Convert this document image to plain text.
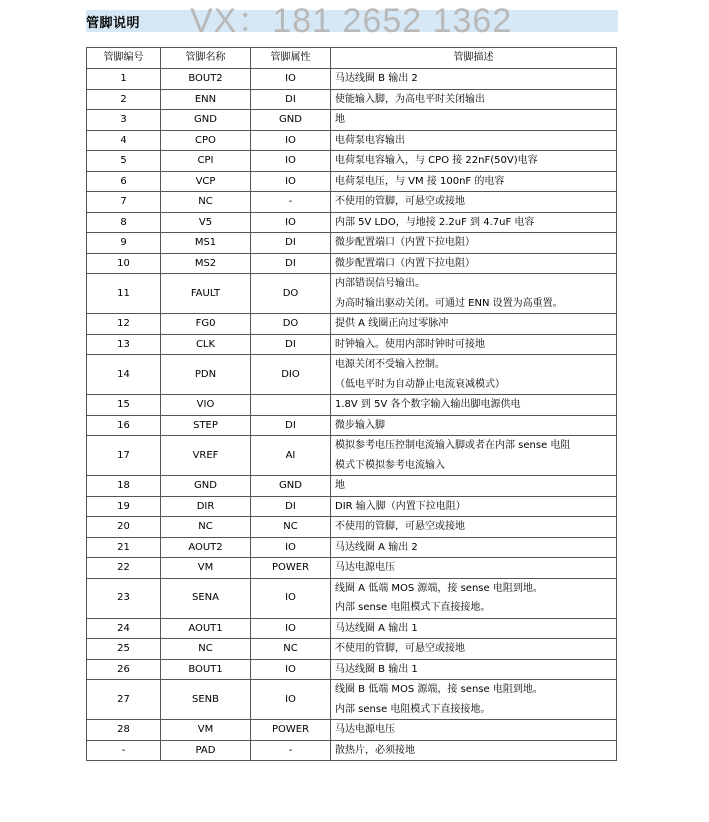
管脚说明 VX：181 2652 1362
管脚编号	管脚名称	管脚属性	管脚描述
1	BOUT2	IO	马达线圈 B 输出 2

2	ENN	DI	使能输入脚，为高电平时关闭输出

3	GND	GND	地

4	CPO	IO	电荷泵电容输出

5	CPI	IO	电荷泵电容输入，与 CPO 接 22nF(50V)电容

6	VCP	IO	电荷泵电压，与 VM 接 100nF 的电容

7	NC	-	不使用的管脚，可悬空或接地

8	V5	IO	内部 5V LDO，与地接 2.2uF 到 4.7uF 电容

9	MS1	DI	微步配置端口（内置下拉电阻）

10	MS2	DI	微步配置端口（内置下拉电阻）

11	FAULT	DO	内部错误信号输出。
为高时输出驱动关闭。可通过 ENN 设置为高重置。

12	FG0	DO	提供 A 线圈正向过零脉冲

13	CLK	DI	时钟输入。使用内部时钟时可接地

14	PDN	DIO	电源关闭不受输入控制。
（低电平时为自动静止电流衰减模式）

15	VIO		1.8V 到 5V 各个数字输入输出脚电源供电

16	STEP	DI	微步输入脚

17	VREF	AI	模拟参考电压控制电流输入脚或者在内部 sense 电阻
模式下模拟参考电流输入

18	GND	GND	地

19	DIR	DI	DIR 输入脚（内置下拉电阻）

20	NC	NC	不使用的管脚，可悬空或接地

21	AOUT2	IO	马达线圈 A 输出 2

22	VM	POWER	马达电源电压

23	SENA	IO	线圈 A 低端 MOS 源端，接 sense 电阻到地。
内部 sense 电阻模式下直接接地。

24	AOUT1	IO	马达线圈 A 输出 1

25	NC	NC	不使用的管脚，可悬空或接地

26	BOUT1	IO	马达线圈 B 输出 1

27	SENB	IO	线圈 B 低端 MOS 源端，接 sense 电阻到地。
内部 sense 电阻模式下直接接地。

28	VM	POWER	马达电源电压

-	PAD	-	散热片，必须接地
